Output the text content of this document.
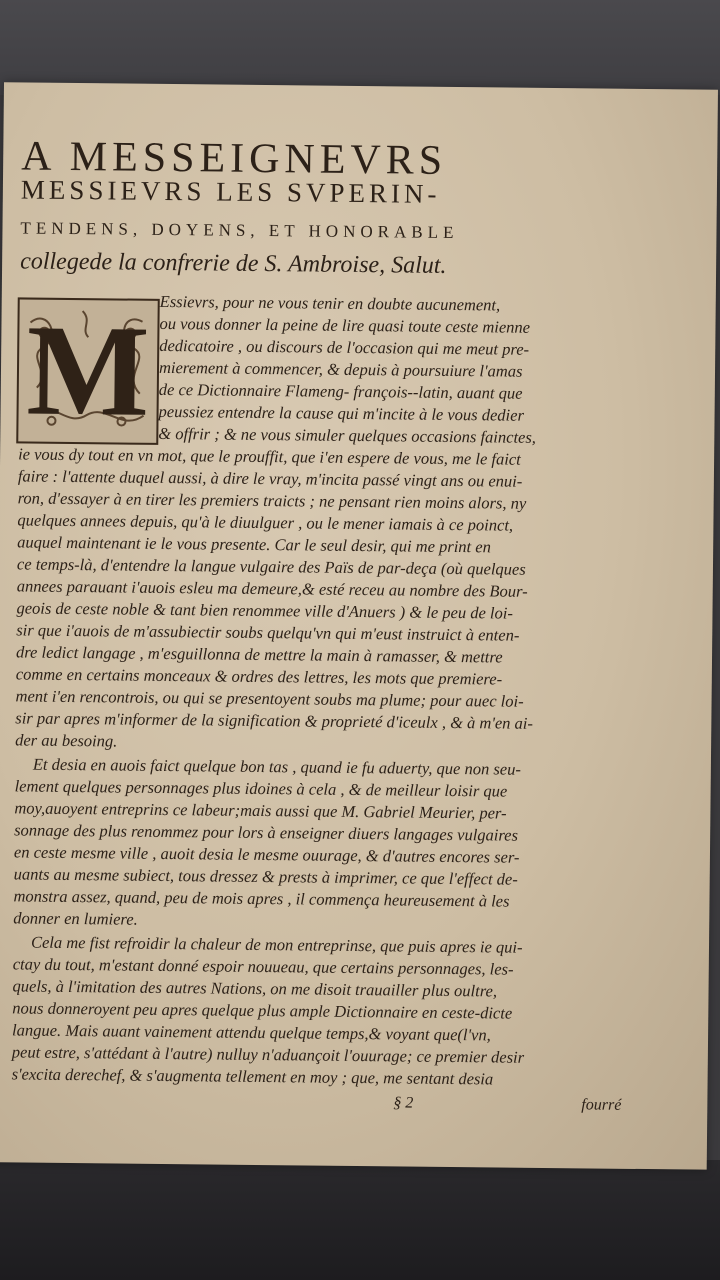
A MESSEIGNEVRS
MESSIEVRS LES SVPERIN-
TENDENS, DOYENS, ET HONORABLE
collegede la confrerie de S. Ambroise, Salut.
M Essievrs, pour ne vous tenir en doubte aucunement,
ou vous donner la peine de lire quasi toute ceste mienne
dedicatoire , ou discours de l'occasion qui me meut pre-
mierement à commencer, & depuis à poursuiure l'amas
de ce Dictionnaire Flameng- françois--latin, auant que
peussiez entendre la cause qui m'incite à le vous dedier
& offrir ; & ne vous simuler quelques occasions fainctes,
ie vous dy tout en vn mot, que le prouffit, que i'en espere de vous, me le faict
faire : l'attente duquel aussi, à dire le vray, m'incita passé vingt ans ou enui-
ron, d'essayer à en tirer les premiers traicts ; ne pensant rien moins alors, ny
quelques annees depuis, qu'à le diuulguer , ou le mener iamais à ce poinct,
auquel maintenant ie le vous presente. Car le seul desir, qui me print en
ce temps-là, d'entendre la langue vulgaire des Païs de par-deça (où quelques
annees parauant i'auois esleu ma demeure,& esté receu au nombre des Bour-
geois de ceste noble & tant bien renommee ville d'Anuers ) & le peu de loi-
sir que i'auois de m'assubiectir soubs quelqu'vn qui m'eust instruict à enten-
dre ledict langage , m'esguillonna de mettre la main à ramasser, & mettre
comme en certains monceaux & ordres des lettres, les mots que premiere-
ment i'en rencontrois, ou qui se presentoyent soubs ma plume; pour auec loi-
sir par apres m'informer de la signification & proprieté d'iceulx , & à m'en ai-
der au besoing.
Et desia en auois faict quelque bon tas , quand ie fu aduerty, que non seu-
lement quelques personnages plus idoines à cela , & de meilleur loisir que
moy,auoyent entreprins ce labeur;mais aussi que M. Gabriel Meurier, per-
sonnage des plus renommez pour lors à enseigner diuers langages vulgaires
en ceste mesme ville , auoit desia le mesme ouurage, & d'autres encores ser-
uants au mesme subiect, tous dressez & prests à imprimer, ce que l'effect de-
monstra assez, quand, peu de mois apres , il commença heureusement à les
donner en lumiere.
Cela me fist refroidir la chaleur de mon entreprinse, que puis apres ie qui-
ctay du tout, m'estant donné espoir nouueau, que certains personnages, les-
quels, à l'imitation des autres Nations, on me disoit trauailler plus oultre,
nous donneroyent peu apres quelque plus ample Dictionnaire en ceste-dicte
langue. Mais auant vainement attendu quelque temps,& voyant que(l'vn,
peut estre, s'attédant à l'autre) nulluy n'aduançoit l'ouurage; ce premier desir
s'excita derechef, & s'augmenta tellement en moy ; que, me sentant desia
§ 2	fourré
